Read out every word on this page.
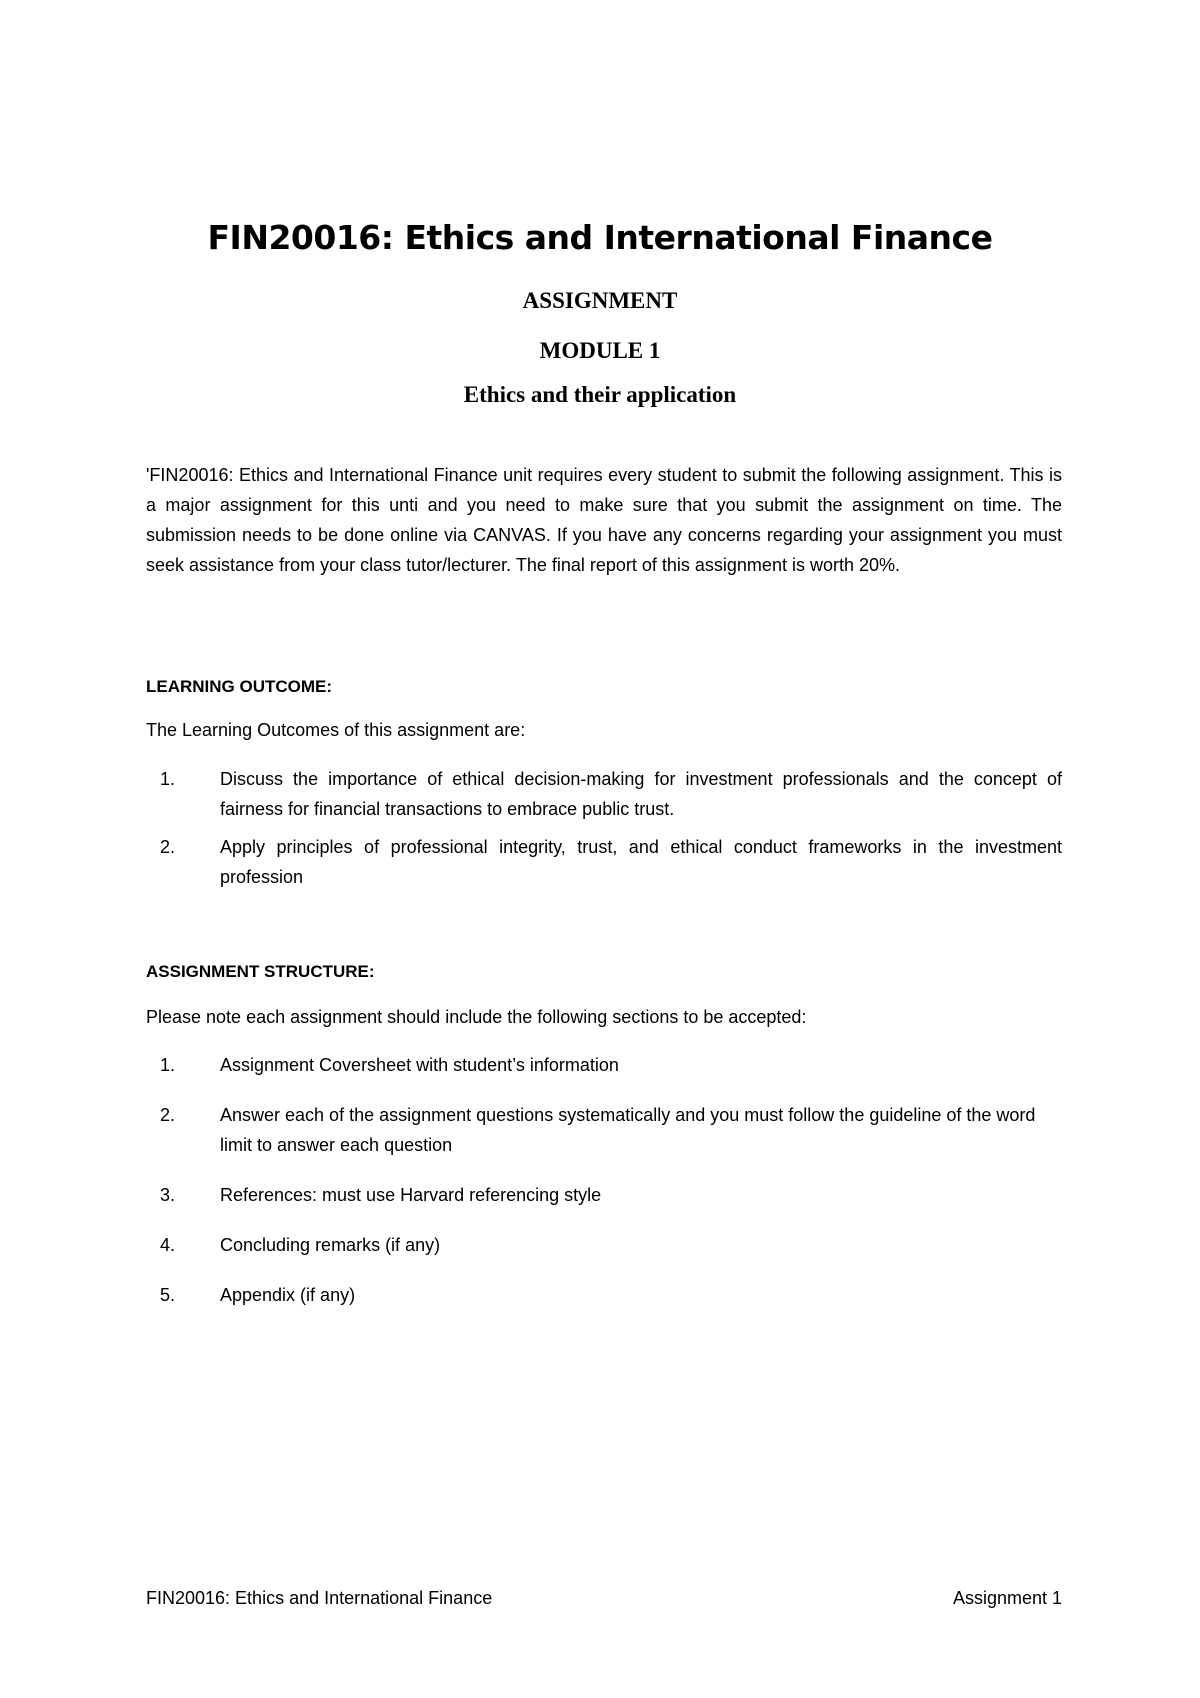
FIN20016: Ethics and International Finance
ASSIGNMENT
MODULE 1
Ethics and their application
'FIN20016: Ethics and International Finance unit requires every student to submit the following assignment. This is a major assignment for this unti and you need to make sure that you submit the assignment on time. The submission needs to be done online via CANVAS. If you have any concerns regarding your assignment you must seek assistance from your class tutor/lecturer. The final report of this assignment is worth 20%.
LEARNING OUTCOME:
The Learning Outcomes of this assignment are:
1. Discuss the importance of ethical decision-making for investment professionals and the concept of fairness for financial transactions to embrace public trust.
2. Apply principles of professional integrity, trust, and ethical conduct frameworks in the investment profession
ASSIGNMENT STRUCTURE:
Please note each assignment should include the following sections to be accepted:
1. Assignment Coversheet with student’s information
2. Answer each of the assignment questions systematically and you must follow the guideline of the word limit to answer each question
3. References: must use Harvard referencing style
4. Concluding remarks (if any)
5. Appendix (if any)
FIN20016: Ethics and International Finance	Assignment 1
